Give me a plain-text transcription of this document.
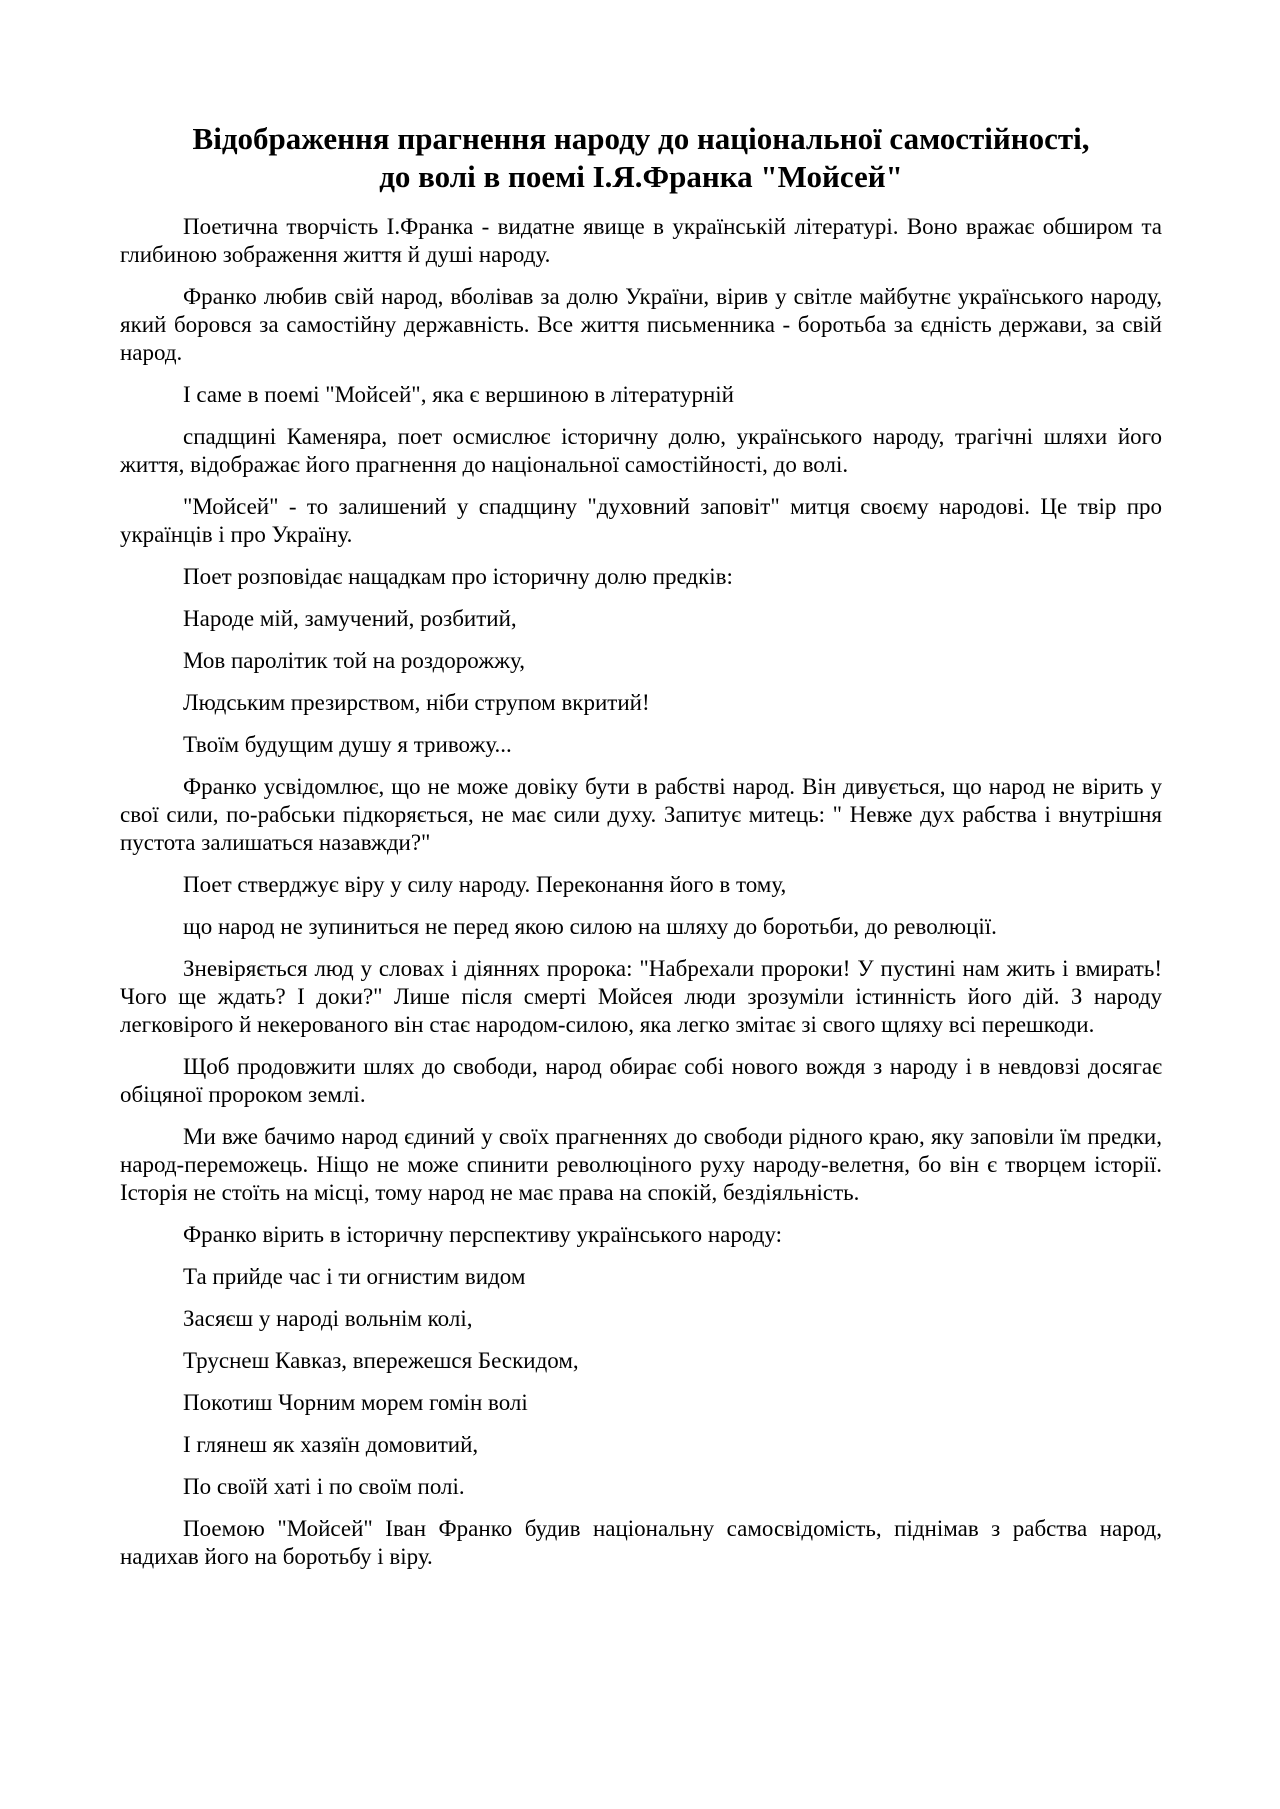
Відображення прагнення народу до національної самостійності,
до волі в поемі І.Я.Франка "Мойсей"

Поетична творчість І.Франка - видатне явище в українській літературі. Воно вражає обширом та глибиною зображення життя й душі народу.

Франко любив свій народ, вболівав за долю України, вірив у світле майбутнє українського народу, який боровся за самостійну державність. Все життя письменника - боротьба за єдність держави, за свій народ.

І саме в поемі "Мойсей", яка є вершиною в літературній

спадщині Каменяра, поет осмислює історичну долю, українського народу, трагічні шляхи його життя, відображає його прагнення до національної самостійності, до волі.

"Мойсей" - то залишений у спадщину "духовний заповіт" митця своєму народові. Це твір про українців і про Україну.

Поет розповідає нащадкам про історичну долю предків:

Народе мій, замучений, розбитий,

Мов паролітик той на роздорожжу,

Людським презирством, ніби струпом вкритий!

Твоїм будущим душу я тривожу...

Франко усвідомлює, що не може довіку бути в рабстві народ. Він дивується, що народ не вірить у свої сили, по-рабськи підкоряється, не має сили духу. Запитує митець: " Невже дух рабства і внутрішня пустота залишаться назавжди?"

Поет стверджує віру у силу народу. Переконання його в тому,

що народ не зупиниться не перед якою силою на шляху до боротьби, до революції.

Зневіряється люд у словах і діяннях пророка: "Набрехали пророки! У пустині нам жить і вмирать! Чого ще ждать? І доки?" Лише після смерті Мойсея люди зрозуміли істинність його дій. З народу легковірого й некерованого він стає народом-силою, яка легко змітає зі свого щляху всі перешкоди.

Щоб продовжити шлях до свободи, народ обирає собі нового вождя з народу і в невдовзі досягає обіцяної пророком землі.

Ми вже бачимо народ єдиний у своїх прагненнях до свободи рідного краю, яку заповіли їм предки, народ-переможець. Ніщо не може спинити революціного руху народу-велетня, бо він є творцем історії. Історія не стоїть на місці, тому народ не має права на спокій, бездіяльність.

Франко вірить в історичну перспективу українського народу:

Та прийде час і ти огнистим видом

Засяєш у народі вольнім колі,

Труснеш Кавказ, впережешся Бескидом,

Покотиш Чорним морем гомін волі

І глянеш як хазяїн домовитий,

По своїй хаті і по своїм полі.

Поемою "Мойсей" Іван Франко будив національну самосвідомість, піднімав з рабства народ, надихав його на боротьбу і віру.
